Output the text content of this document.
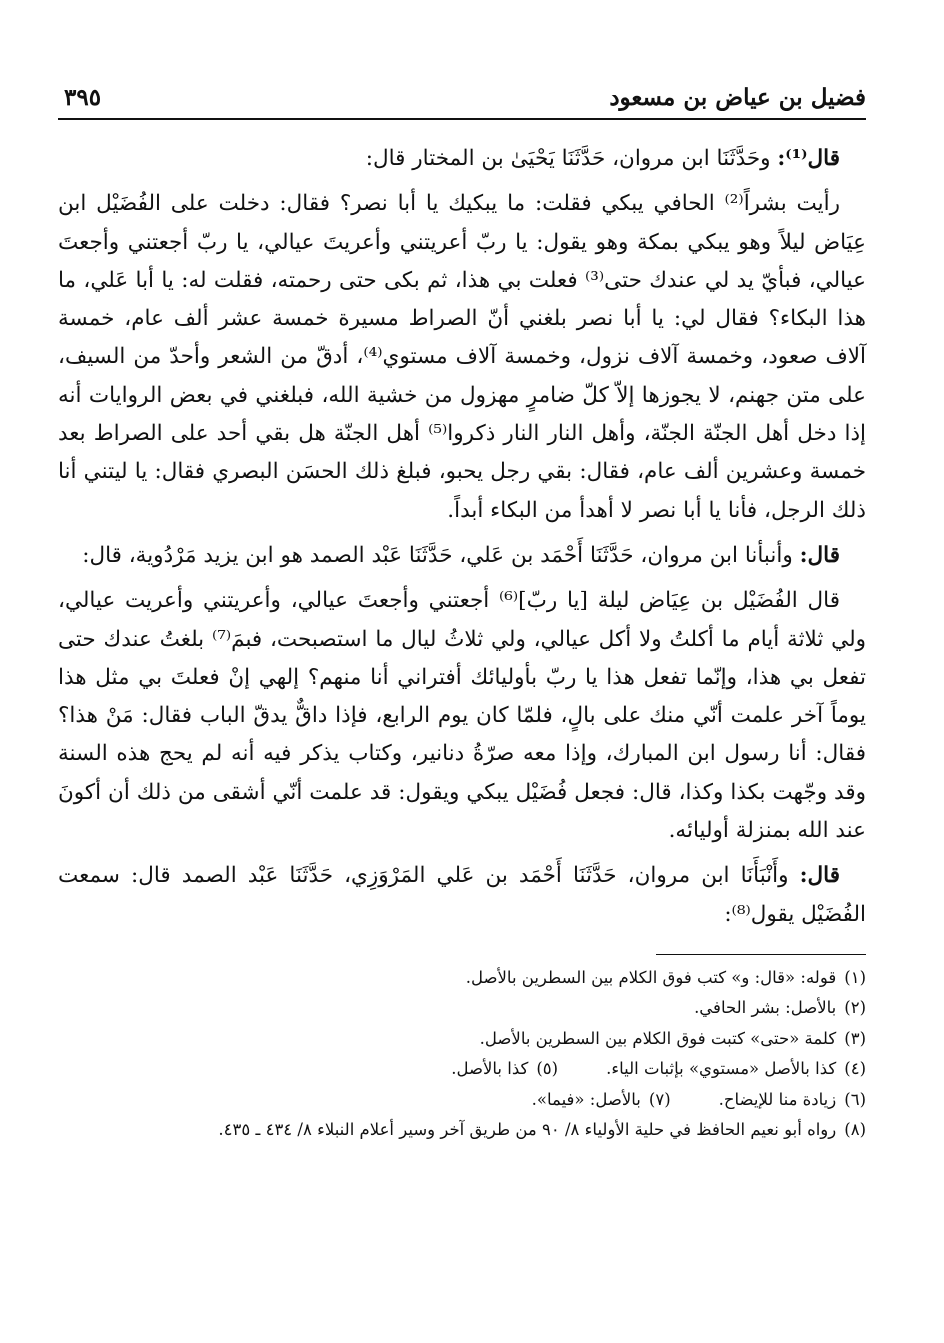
فضيل بن عياض بن مسعود
٣٩٥

قال⁽¹⁾: وحَدَّثَنَا ابن مروان، حَدَّثَنَا يَحْيَىٰ بن المختار قال:

رأيت بشراً⁽²⁾ الحافي يبكي فقلت: ما يبكيك يا أبا نصر؟ فقال: دخلت على الفُضَيْل ابن عِيَاض ليلاً وهو يبكي بمكة وهو يقول: يا ربّ أعريتني وأعريتَ عيالي، يا ربّ أجعتني وأجعتَ عيالي، فبأيّ يد لي عندك حتى⁽³⁾ فعلت بي هذا، ثم بكى حتى رحمته، فقلت له: يا أبا عَلي، ما هذا البكاء؟ فقال لي: يا أبا نصر بلغني أنّ الصراط مسيرة خمسة عشر ألف عام، خمسة آلاف صعود، وخمسة آلاف نزول، وخمسة آلاف مستوي⁽⁴⁾، أدقّ من الشعر وأحدّ من السيف، على متن جهنم، لا يجوزها إلاّ كلّ ضامرٍ مهزول من خشية الله، فبلغني في بعض الروايات أنه إذا دخل أهل الجنّة الجنّة، وأهل النار النار ذكروا⁽⁵⁾ أهل الجنّة هل بقي أحد على الصراط بعد خمسة وعشرين ألف عام، فقال: بقي رجل يحبو، فبلغ ذلك الحسَن البصري فقال: يا ليتني أنا ذلك الرجل، فأنا يا أبا نصر لا أهدأ من البكاء أبداً.

قال: وأنبأنا ابن مروان، حَدَّثَنَا أَحْمَد بن عَلي، حَدَّثَنَا عَبْد الصمد هو ابن يزيد مَرْدُوية، قال:

قال الفُضَيْل بن عِيَاض ليلة [يا ربّ]⁽⁶⁾ أجعتني وأجعتَ عيالي، وأعريتني وأعريت عيالي، ولي ثلاثة أيام ما أكلتُ ولا أكل عيالي، ولي ثلاثُ ليال ما استصبحت، فبمَ⁽⁷⁾ بلغتُ عندك حتى تفعل بي هذا، وإنّما تفعل هذا يا ربّ بأوليائك أفتراني أنا منهم؟ إلهي إنْ فعلتَ بي مثل هذا يوماً آخر علمت أنّي منك على بالٍ، فلمّا كان يوم الرابع، فإذا داقٌّ يدقّ الباب فقال: مَنْ هذا؟ فقال: أنا رسول ابن المبارك، وإذا معه صرّةُ دنانير، وكتاب يذكر فيه أنه لم يحج هذه السنة وقد وجّهت بكذا وكذا، قال: فجعل فُضَيْل يبكي ويقول: قد علمت أنّي أشقى من ذلك أن أكونَ عند الله بمنزلة أوليائه.

قال: وأَنْبَأَنَا ابن مروان، حَدَّثَنَا أَحْمَد بن عَلي المَرْوَزِي، حَدَّثَنَا عَبْد الصمد قال: سمعت الفُضَيْل يقول⁽⁸⁾:

(١)قوله: «قال: و» كتب فوق الكلام بين السطرين بالأصل.
(٢)بالأصل: بشر الحافي.
(٣)كلمة «حتى» كتبت فوق الكلام بين السطرين بالأصل.
(٤)كذا بالأصل «مستوي» بإثبات الياء.
(٥)كذا بالأصل.
(٦)زيادة منا للإيضاح.
(٧)بالأصل: «فيما».
(٨)رواه أبو نعيم الحافظ في حلية الأولياء ٨/ ٩٠ من طريق آخر وسير أعلام النبلاء ٨/ ٤٣٤ ـ ٤٣٥.
